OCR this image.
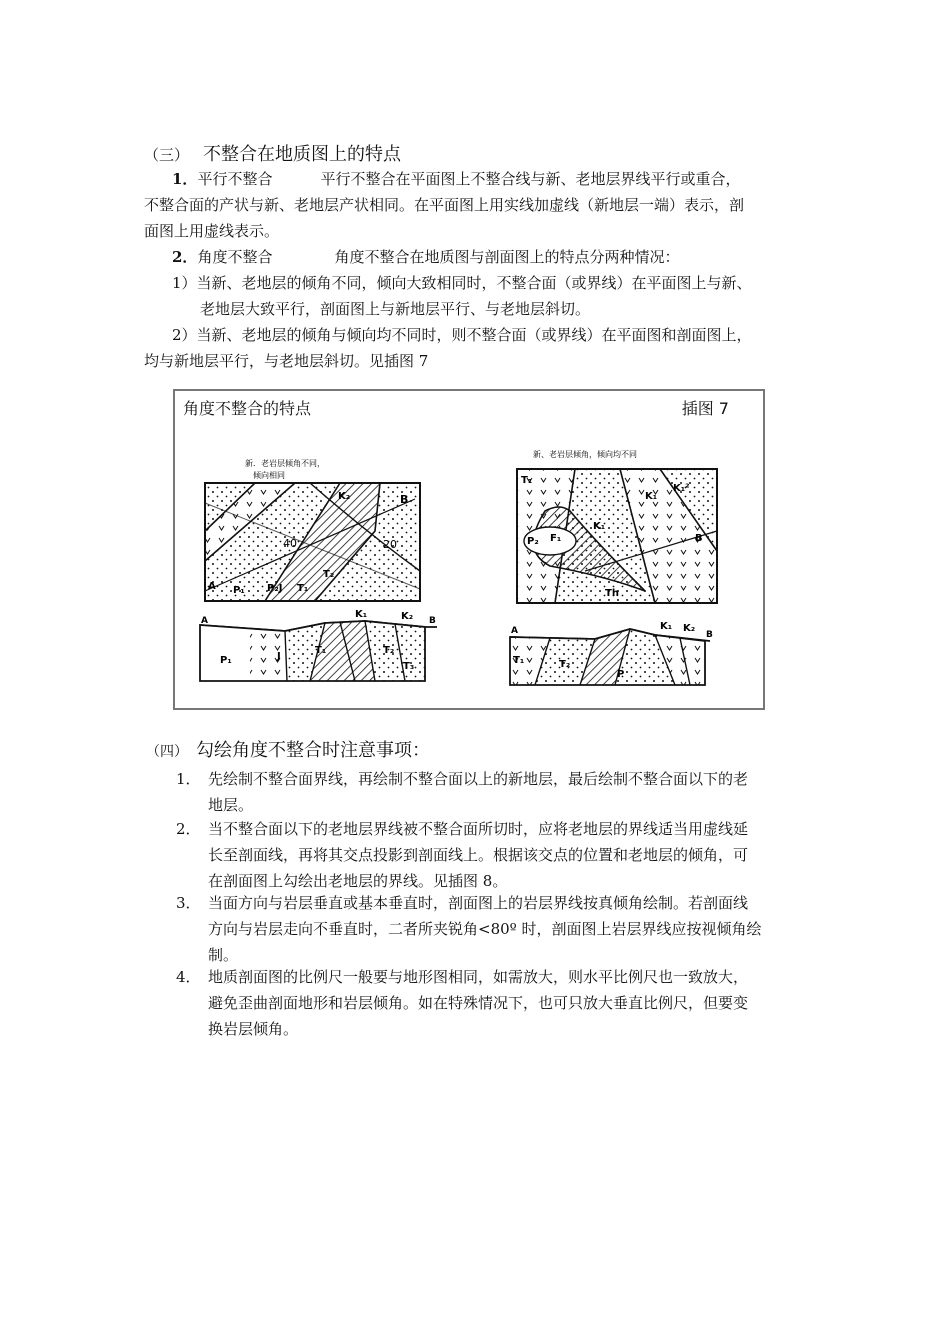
（三） 不整合在地质图上的特点
1．平行不整合	平行不整合在平面图上不整合线与新、老地层界线平行或重合，
不整合面的产状与新、老地层产状相同。在平面图上用实线加虚线（新地层一端）表示，剖
面图上用虚线表示。
2．角度不整合	角度不整合在地质图与剖面图上的特点分两种情况：
1）当新、老地层的倾角不同，倾向大致相同时，不整合面（或界线）在平面图上与新、
老地层大致平行，剖面图上与新地层平行、与老地层斜切。
2）当新、老地层的倾角与倾向均不同时，则不整合面（或界线）在平面图和剖面图上，
均与新地层平行，与老地层斜切。见插图 7
角度不整合的特点	插图 7
新．老岩层倾角不同，
倾向相同
K₂	B
A
40	20
T₂
P₁ P₂J T₁
A	B
K₁	K₂
P₁	J
T₁	T₂
T₃
新、老岩层倾角，倾向均不同
T₁
K₁
K₁²
B
P₂ F₁
Th
K₁
A	B
K₁ K₂
T₁	T₂
P
（四） 勾绘角度不整合时注意事项：
1． 先绘制不整合面界线，再绘制不整合面以上的新地层，最后绘制不整合面以下的老
地层。
2． 当不整合面以下的老地层界线被不整合面所切时，应将老地层的界线适当用虚线延
长至剖面线，再将其交点投影到剖面线上。根据该交点的位置和老地层的倾角，可
在剖面图上勾绘出老地层的界线。见插图 8。
3． 当面方向与岩层垂直或基本垂直时，剖面图上的岩层界线按真倾角绘制。若剖面线
方向与岩层走向不垂直时，二者所夹锐角<80º 时，剖面图上岩层界线应按视倾角绘
制。
4． 地质剖面图的比例尺一般要与地形图相同，如需放大，则水平比例尺也一致放大，
避免歪曲剖面地形和岩层倾角。如在特殊情况下，也可只放大垂直比例尺，但要变
换岩层倾角。
